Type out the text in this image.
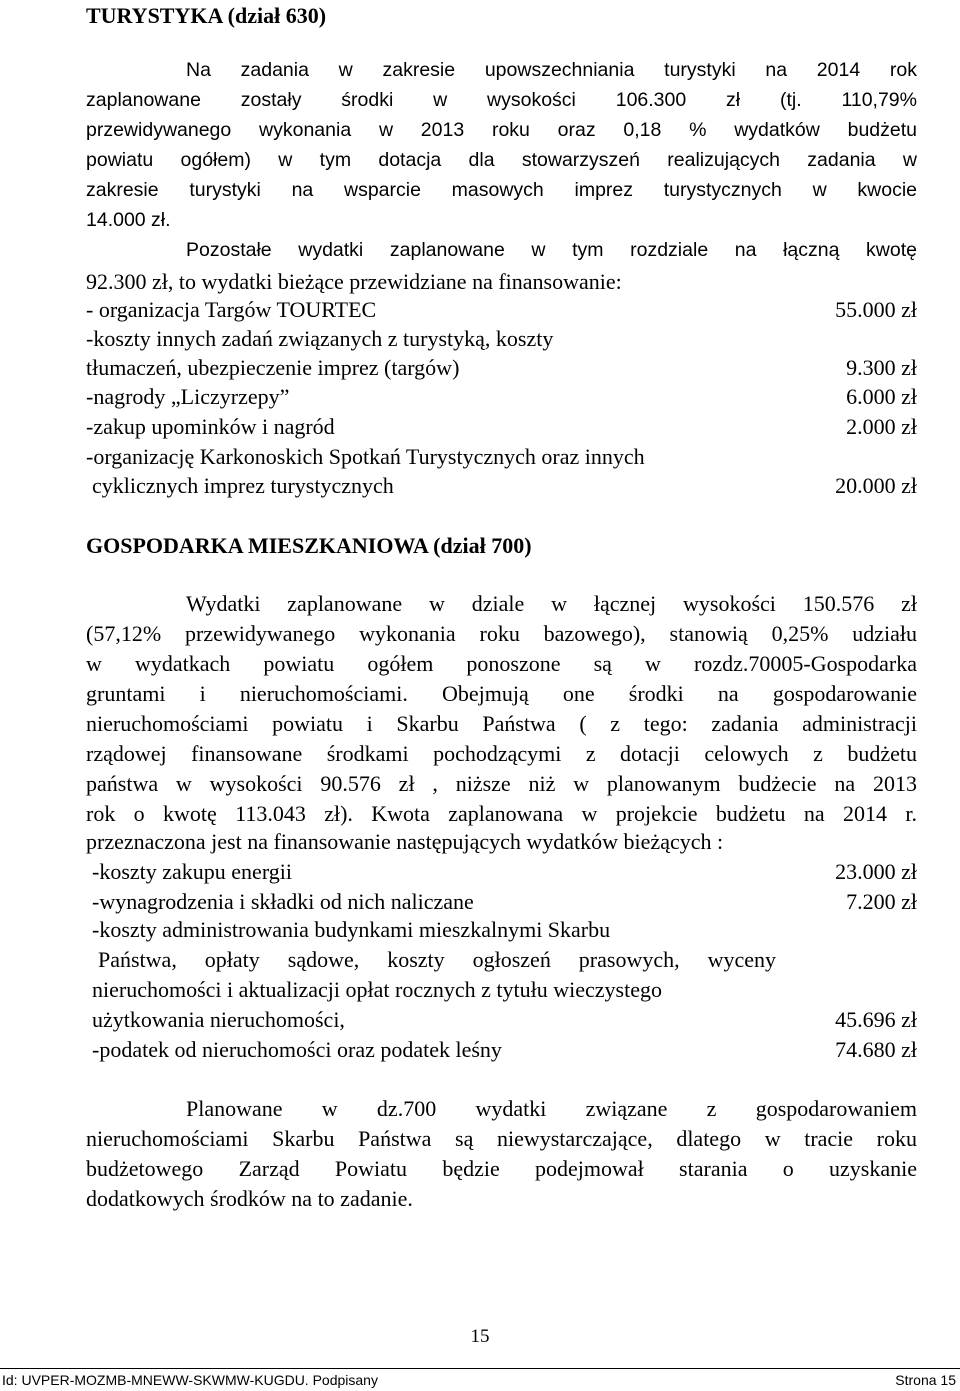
TURYSTYKA (dział 630)
Na zadania w zakresie upowszechniania turystyki na 2014 rok
zaplanowane zostały środki w wysokości 106.300 zł (tj. 110,79%
przewidywanego wykonania w 2013 roku oraz 0,18 % wydatków budżetu
powiatu ogółem) w tym dotacja dla stowarzyszeń realizujących zadania w
zakresie turystyki na wsparcie masowych imprez turystycznych w kwocie
14.000 zł.
Pozostałe wydatki zaplanowane w tym rozdziale na łączną kwotę
92.300 zł, to wydatki bieżące przewidziane na finansowanie:
- organizacja Targów TOURTEC	55.000 zł
-koszty innych zadań związanych z turystyką, koszty
tłumaczeń, ubezpieczenie imprez (targów)	9.300 zł
-nagrody „Liczyrzepy”	6.000 zł
-zakup upominków i nagród	2.000 zł
-organizację Karkonoskich Spotkań Turystycznych oraz innych
cyklicznych imprez turystycznych	20.000 zł
GOSPODARKA MIESZKANIOWA (dział 700)
Wydatki zaplanowane w dziale w łącznej wysokości 150.576 zł
(57,12% przewidywanego wykonania roku bazowego), stanowią 0,25% udziału
w wydatkach powiatu ogółem ponoszone są w rozdz.70005-Gospodarka
gruntami i nieruchomościami. Obejmują one środki na gospodarowanie
nieruchomościami powiatu i Skarbu Państwa ( z tego: zadania administracji
rządowej finansowane środkami pochodzącymi z dotacji celowych z budżetu
państwa w wysokości 90.576 zł , niższe niż w planowanym budżecie na 2013
rok o kwotę 113.043 zł). Kwota zaplanowana w projekcie budżetu na 2014 r.
przeznaczona jest na finansowanie następujących wydatków bieżących :
-koszty zakupu energii	23.000 zł
-wynagrodzenia i składki od nich naliczane	7.200 zł
-koszty administrowania budynkami mieszkalnymi Skarbu
Państwa, opłaty sądowe, koszty ogłoszeń prasowych, wyceny
nieruchomości i aktualizacji opłat rocznych z tytułu wieczystego
użytkowania nieruchomości,	45.696 zł
-podatek od nieruchomości oraz podatek leśny	74.680 zł
Planowane w dz.700 wydatki związane z gospodarowaniem
nieruchomościami Skarbu Państwa są niewystarczające, dlatego w tracie roku
budżetowego Zarząd Powiatu będzie podejmował starania o uzyskanie
dodatkowych środków na to zadanie.
15
Id: UVPER-MOZMB-MNEWW-SKWMW-KUGDU. Podpisany	Strona 15
